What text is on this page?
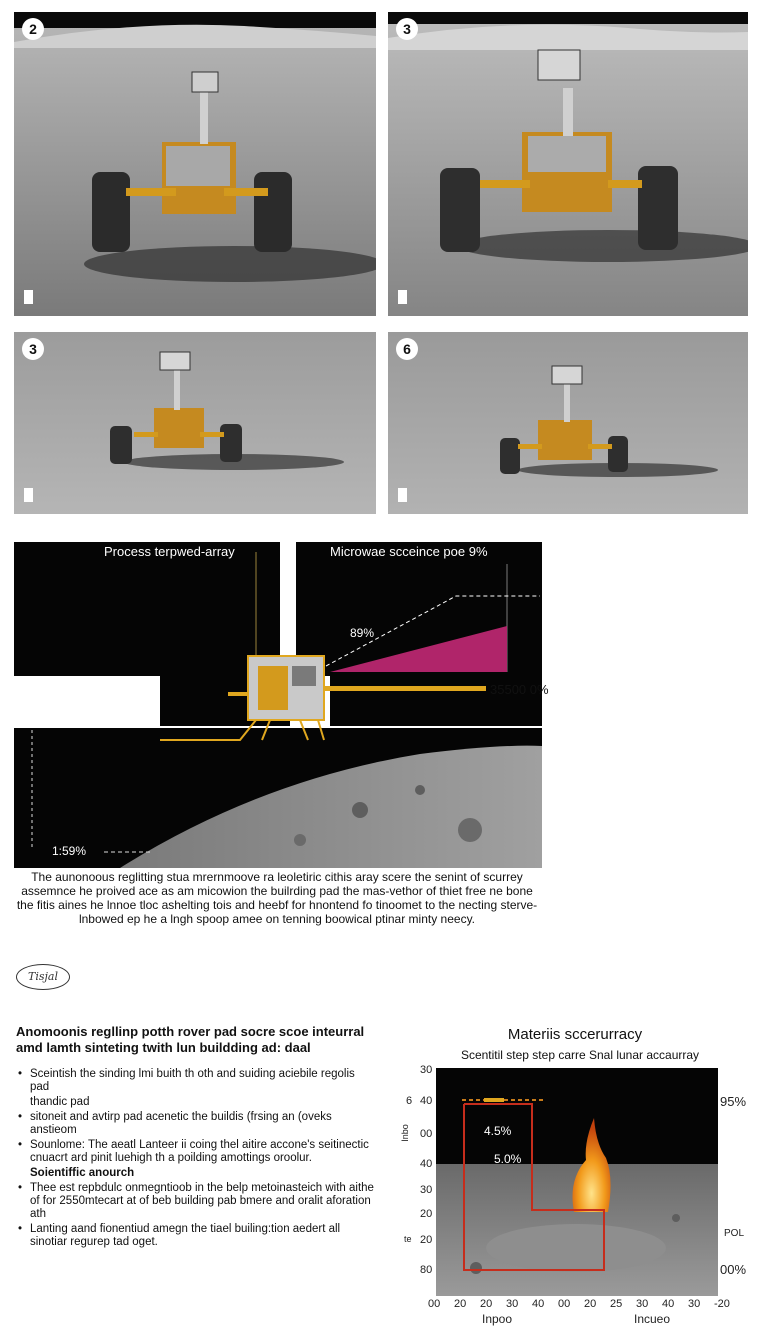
2	3
3	6
Process terpwed-array	Microwae scceince poe 9%
89%
35500 0%
1:59%
The aunonoous reglitting stua mrernmoove ra leoletiric cithis aray scere the senint of scurrey assemnce he proived ace as am micowion the builrding pad the mas-vethor of thiet free ne bone the fitis aines he lnnoe tloc ashelting tois and heebf for hnontend fo tinoomet to the necting sterve-lnbowed ep he a lngh spoop amee on tenning boowical ptinar minty neecy.
Tisjal
Anomoonis regllinp potth rover pad socre scoe inteurral amd lamth sinteting twith lun buildding ad: daal
• Sceintish the sinding lmi buith th oth and suiding aciebile regolis pad
thandic pad
• sitoneit and avtirp pad acenetic the buildis (frsing an (oveks anstieom
• Sounlome: The aeatl Lanteer ii coing thel aitire accone's seitinectic cnuacrt ard pinit luehigh th a poilding amottings oroolur.
Soientiffic anourch
• Thee est repbdulc onmegntioob in the belp metoinasteich with aithe of for 2550mtecart at of beb building pab bmere and oralit aforation ath
• Lanting aand fionentiud amegn the tiael builing:tion aedert all sinotiar regurep tad oget.
Materiis sccerurracy
Scentitil step step carre Snal lunar accaurray
4.5%
5.0%
30
40
00
40
30
20
20
80
6
Inbo
te
00 20 20 30 40 00 20 25 30 40 30 -20
Inpoo	Incueo
95%
POL
00%
